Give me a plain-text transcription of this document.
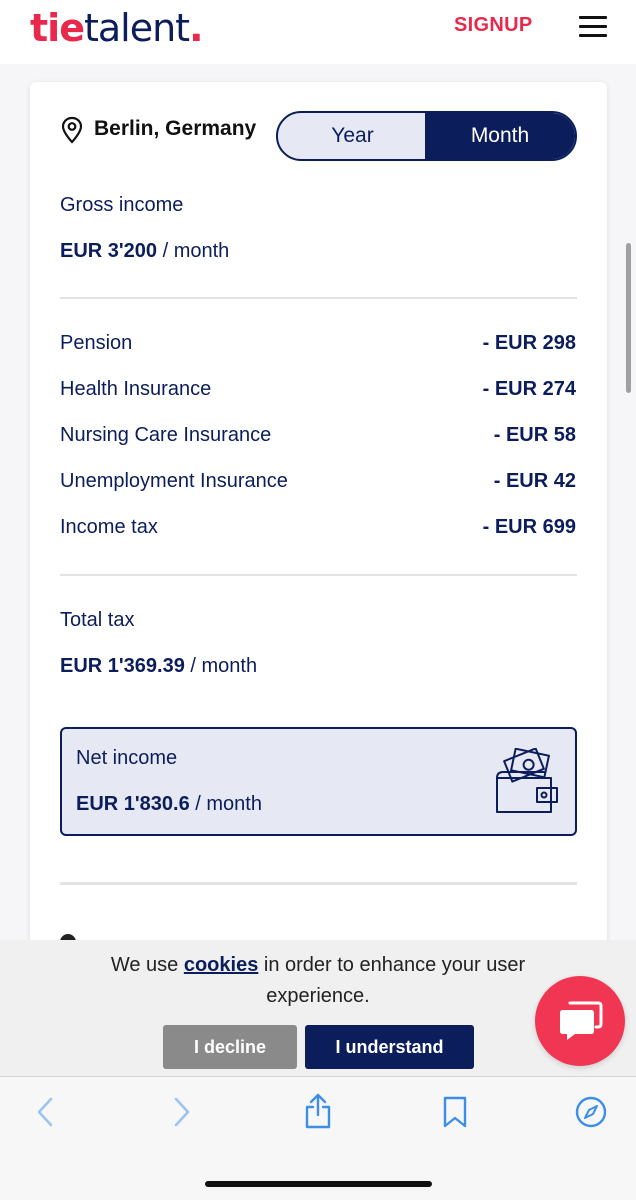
tietalent.	SIGNUP
Berlin, Germany	Year	Month
Gross income
EUR 3'200 / month
Pension	- EUR 298
Health Insurance	- EUR 274
Nursing Care Insurance	- EUR 58
Unemployment Insurance	- EUR 42
Income tax	- EUR 699
Total tax
EUR 1'369.39 / month
Net income
EUR 1'830.6 / month
We use cookies in order to enhance your user experience.
I decline	I understand
